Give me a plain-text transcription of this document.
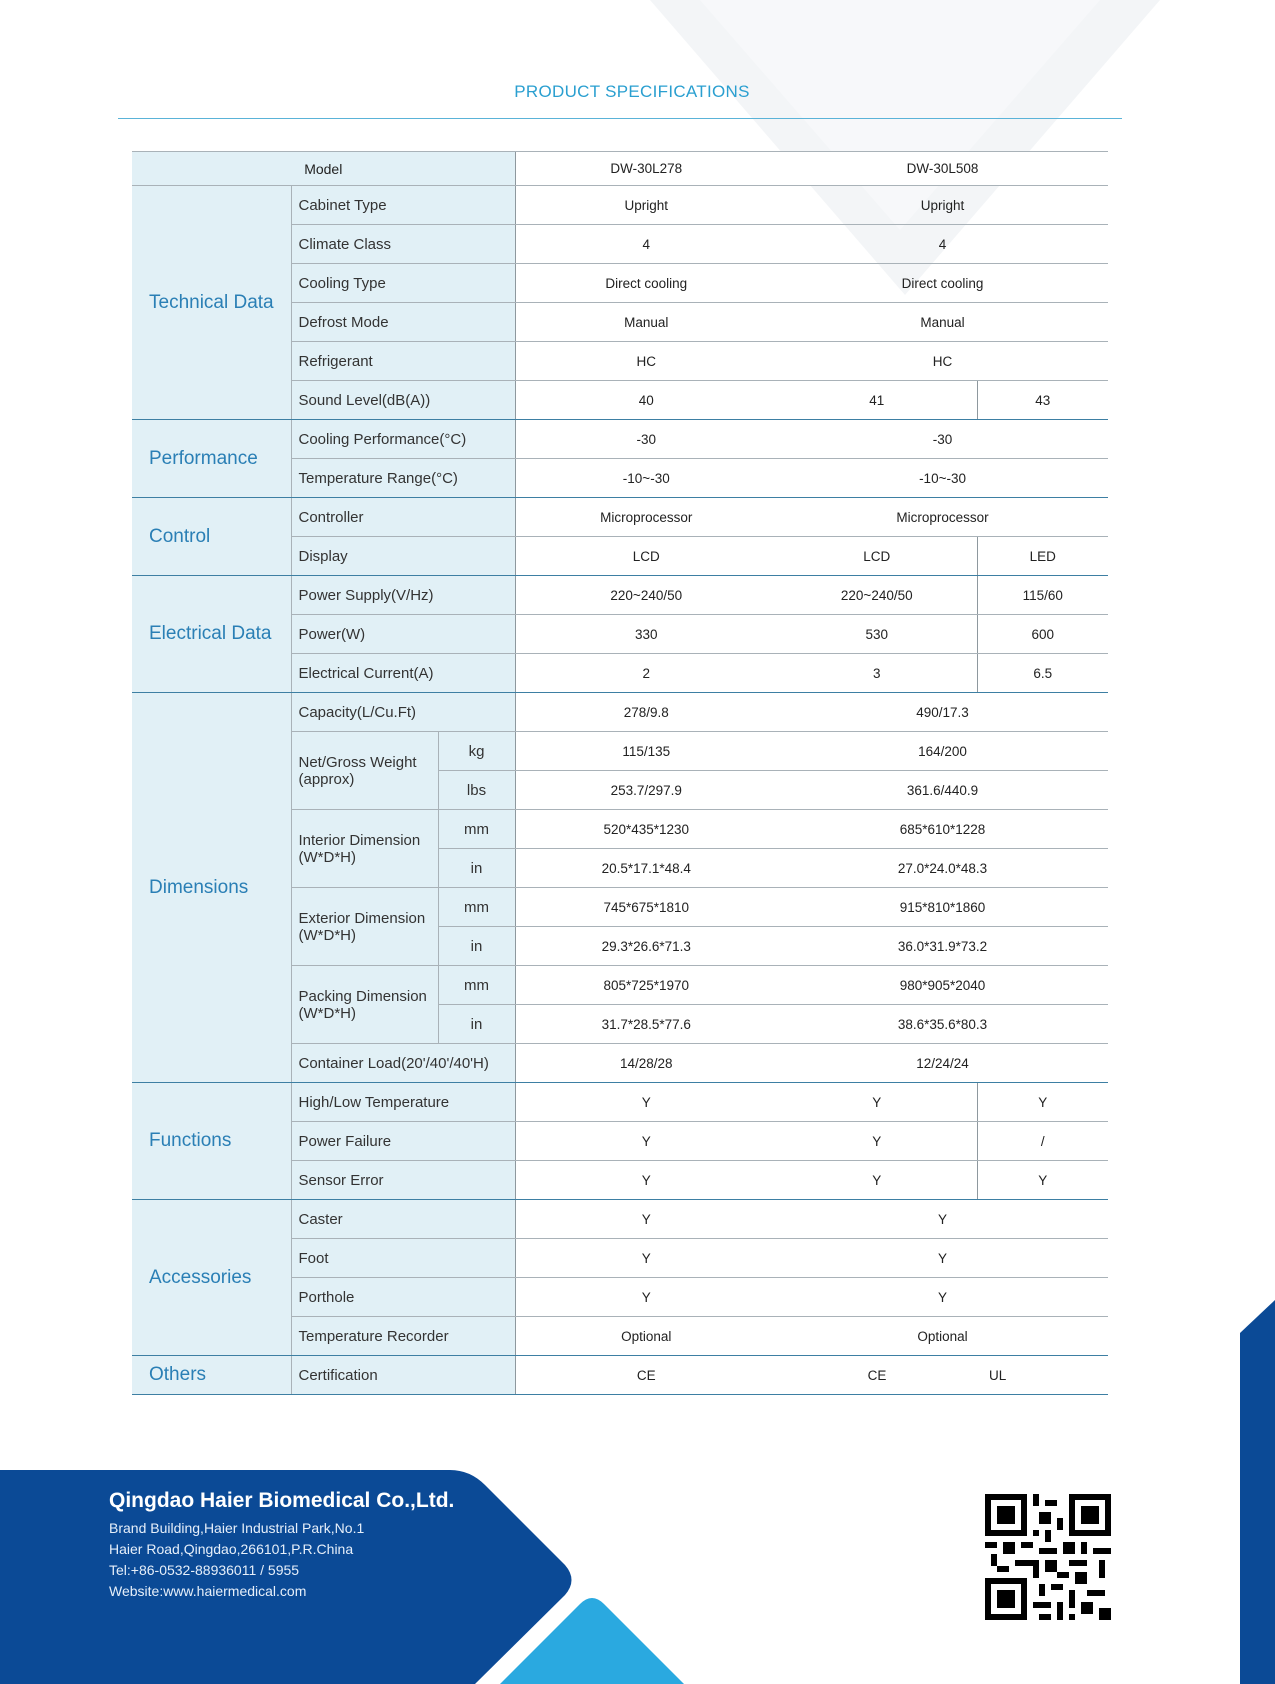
PRODUCT SPECIFICATIONS
Model			DW-30L278	DW-30L508	
Technical Data	Cabinet Type		Upright	Upright	
	Climate Class		4	4	
	Cooling Type		Direct cooling	Direct cooling	
	Defrost Mode		Manual	Manual	
	Refrigerant		HC	HC	
	Sound Level(dB(A))		40	41	43
Performance	Cooling Performance(°C)		-30	-30	
	Temperature Range(°C)		-10~-30	-10~-30	
Control	Controller		Microprocessor	Microprocessor	
	Display		LCD	LCD	LED
Electrical Data	Power Supply(V/Hz)		220~240/50	220~240/50	115/60
	Power(W)		330	530	600
	Electrical Current(A)		2	3	6.5
Dimensions	Capacity(L/Cu.Ft)		278/9.8	490/17.3	
	Net/Gross Weight
(approx)	kg	115/135	164/200	
		lbs	253.7/297.9	361.6/440.9	
	Interior Dimension
(W*D*H)	mm	520*435*1230	685*610*1228	
		in	20.5*17.1*48.4	27.0*24.0*48.3	
	Exterior Dimension
(W*D*H)	mm	745*675*1810	915*810*1860	
		in	29.3*26.6*71.3	36.0*31.9*73.2	
	Packing Dimension
(W*D*H)	mm	805*725*1970	980*905*2040	
		in	31.7*28.5*77.6	38.6*35.6*80.3	
	Container Load(20'/40'/40'H)		14/28/28	12/24/24	
Functions	High/Low Temperature		Y	Y	Y
	Power Failure		Y	Y	/
	Sensor Error		Y	Y	Y
Accessories	Caster		Y	Y	
	Foot		Y	Y	
	Porthole		Y	Y	
	Temperature Recorder		Optional	Optional	
Others	Certification		CE	CE	UL
Qingdao Haier Biomedical Co.,Ltd.
Brand Building,Haier Industrial Park,No.1
Haier Road,Qingdao,266101,P.R.China
Tel:+86-0532-88936011 / 5955
Website:www.haiermedical.com
